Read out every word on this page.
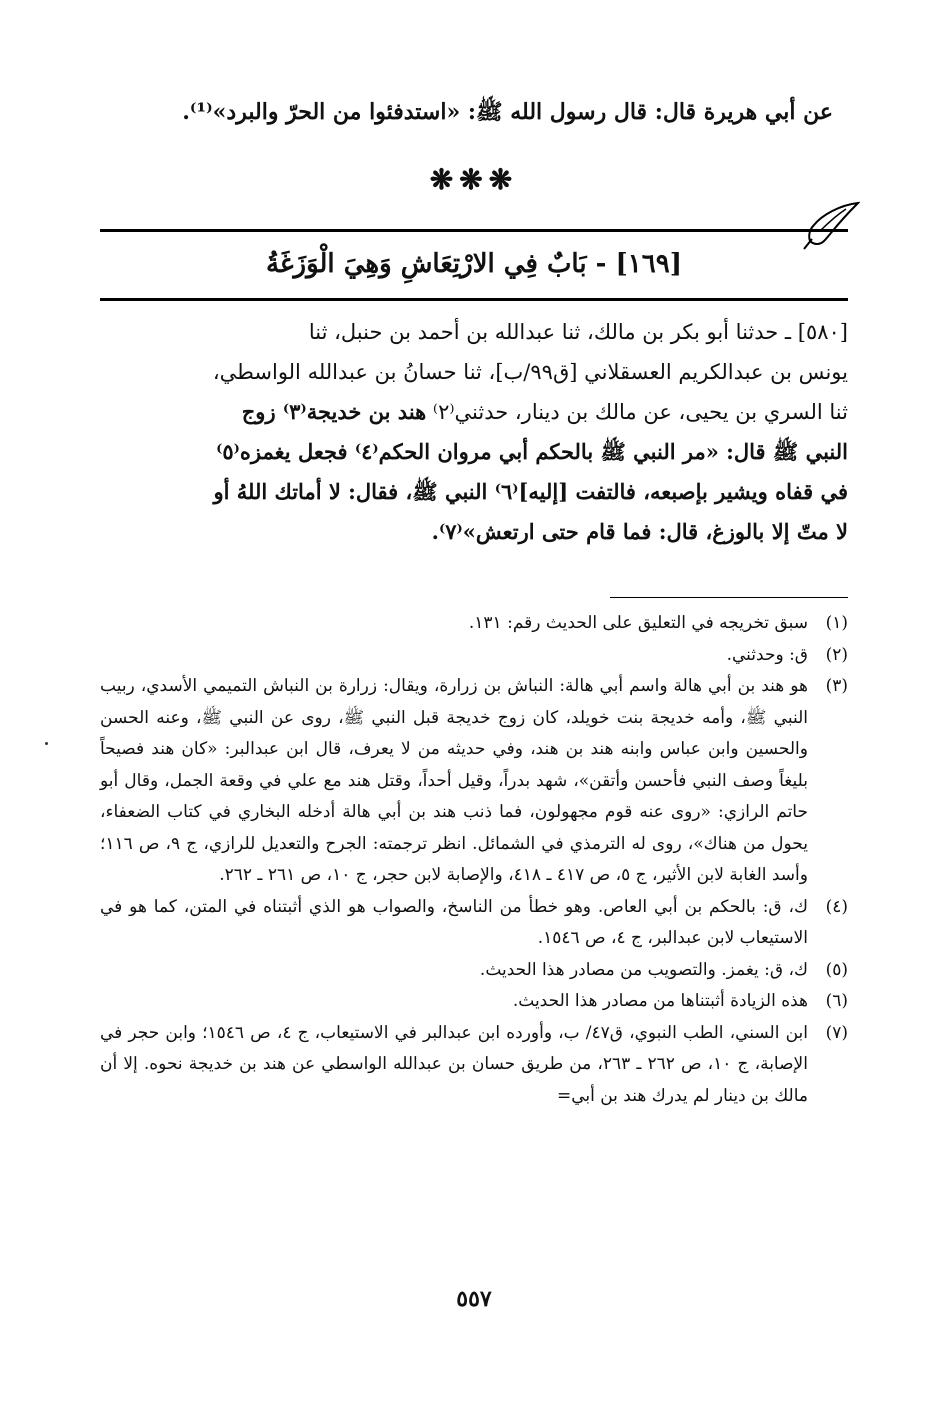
عن أبي هريرة قال: قال رسول الله ﷺ: «استدفئوا من الحرّ والبرد»⁽¹⁾.
❋❋❋
[١٦٩] - بَابٌ فِي الارْتِعَاشِ وَهِيَ الْوَزَغَةُ

[٥٨٠] ـ حدثنا أبو بكر بن مالك، ثنا عبدالله بن أحمد بن حنبل، ثنا

يونس بن عبدالكريم العسقلاني [ق٩٩/ب]، ثنا حسانُ بن عبدالله الواسطي،

ثنا السري بن يحيى، عن مالك بن دينار، حدثني⁽٢⁾ هند بن خديجة⁽٣⁾ زوج

النبي ﷺ قال: «مر النبي ﷺ بالحكم أبي مروان الحكم⁽٤⁾ فجعل يغمزه⁽٥⁾

في قفاه ويشير بإصبعه، فالتفت [إليه]⁽٦⁾ النبي ﷺ، فقال: لا أماتك اللهُ أو

لا متّ إلا بالوزغ، قال: فما قام حتى ارتعش»⁽٧⁾.

(١)
سبق تخريجه في التعليق على الحديث رقم: ١٣١.
(٢)
ق: وحدثني.
(٣)
هو هند بن أبي هالة واسم أبي هالة: النباش بن زرارة، ويقال: زرارة بن النباش التميمي الأسدي، ربيب النبي ﷺ، وأمه خديجة بنت خويلد، كان زوج خديجة قبل النبي ﷺ، روى عن النبي ﷺ، وعنه الحسن والحسين وابن عباس وابنه هند بن هند، وفي حديثه من لا يعرف، قال ابن عبدالبر: «كان هند فصيحاً بليغاً وصف النبي فأحسن وأتقن»، شهد بدراً، وقيل أحداً، وقتل هند مع علي في وقعة الجمل، وقال أبو حاتم الرازي: «روى عنه قوم مجهولون، فما ذنب هند بن أبي هالة أدخله البخاري في كتاب الضعفاء، يحول من هناك»، روى له الترمذي في الشمائل. انظر ترجمته: الجرح والتعديل للرازي، ج ٩، ص ١١٦؛ وأسد الغابة لابن الأثير، ج ٥، ص ٤١٧ ـ ٤١٨، والإصابة لابن حجر، ج ١٠، ص ٢٦١ ـ ٢٦٢.
(٤)
ك، ق: بالحكم بن أبي العاص. وهو خطأ من الناسخ، والصواب هو الذي أثبتناه في المتن، كما هو في الاستيعاب لابن عبدالبر، ج ٤، ص ١٥٤٦.
(٥)
ك، ق: يغمز. والتصويب من مصادر هذا الحديث.
(٦)
هذه الزيادة أثبتناها من مصادر هذا الحديث.
(٧)
ابن السني، الطب النبوي، ق٤٧/ ب، وأورده ابن عبدالبر في الاستيعاب، ج ٤، ص ١٥٤٦؛ وابن حجر في الإصابة، ج ١٠، ص ٢٦٢ ـ ٢٦٣، من طريق حسان بن عبدالله الواسطي عن هند بن خديجة نحوه. إلا أن مالك بن دينار لم يدرك هند بن أبي=
٥٥٧
